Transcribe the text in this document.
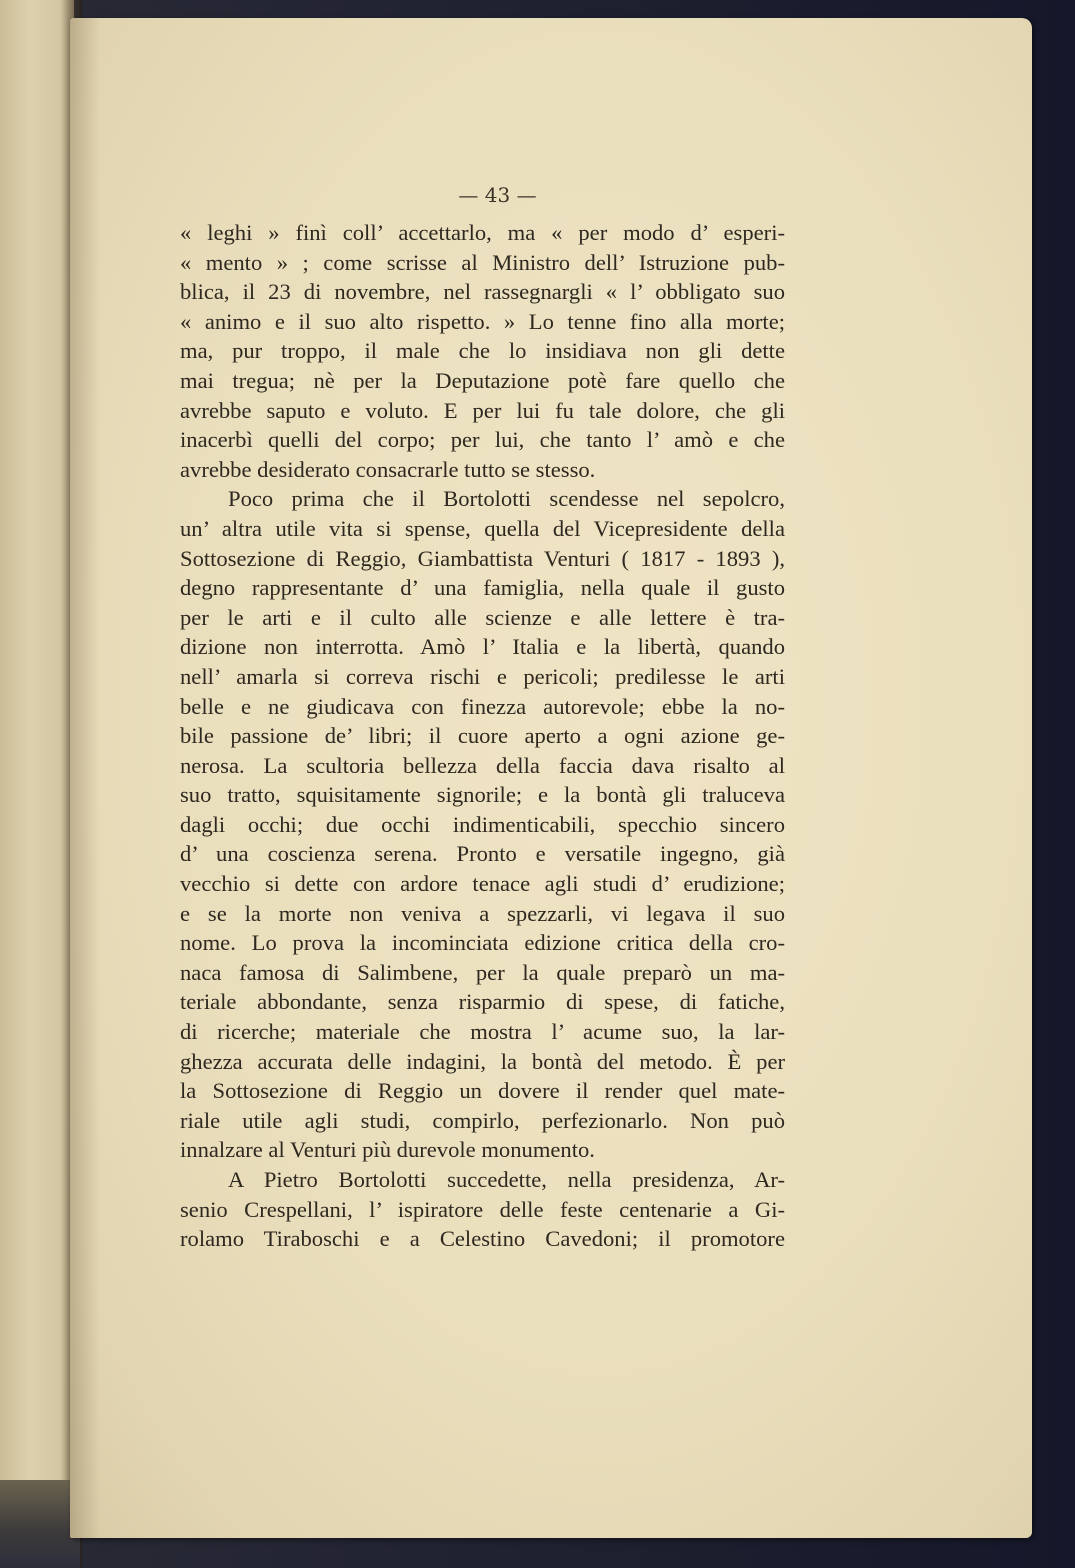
— 43 —
« leghi » finì coll’ accettarlo, ma « per modo d’ esperi-
« mento » ; come scrisse al Ministro dell’ Istruzione pub-
blica, il 23 di novembre, nel rassegnargli « l’ obbligato suo
« animo e il suo alto rispetto. » Lo tenne fino alla morte;
ma, pur troppo, il male che lo insidiava non gli dette
mai tregua; nè per la Deputazione potè fare quello che
avrebbe saputo e voluto. E per lui fu tale dolore, che gli
inacerbì quelli del corpo; per lui, che tanto l’ amò e che
avrebbe desiderato consacrarle tutto se stesso.
Poco prima che il Bortolotti scendesse nel sepolcro,
un’ altra utile vita si spense, quella del Vicepresidente della
Sottosezione di Reggio, Giambattista Venturi ( 1817 - 1893 ),
degno rappresentante d’ una famiglia, nella quale il gusto
per le arti e il culto alle scienze e alle lettere è tra-
dizione non interrotta. Amò l’ Italia e la libertà, quando
nell’ amarla si correva rischi e pericoli; predilesse le arti
belle e ne giudicava con finezza autorevole; ebbe la no-
bile passione de’ libri; il cuore aperto a ogni azione ge-
nerosa. La scultoria bellezza della faccia dava risalto al
suo tratto, squisitamente signorile; e la bontà gli traluceva
dagli occhi; due occhi indimenticabili, specchio sincero
d’ una coscienza serena. Pronto e versatile ingegno, già
vecchio si dette con ardore tenace agli studi d’ erudizione;
e se la morte non veniva a spezzarli, vi legava il suo
nome. Lo prova la incominciata edizione critica della cro-
naca famosa di Salimbene, per la quale preparò un ma-
teriale abbondante, senza risparmio di spese, di fatiche,
di ricerche; materiale che mostra l’ acume suo, la lar-
ghezza accurata delle indagini, la bontà del metodo. È per
la Sottosezione di Reggio un dovere il render quel mate-
riale utile agli studi, compirlo, perfezionarlo. Non può
innalzare al Venturi più durevole monumento.
A Pietro Bortolotti succedette, nella presidenza, Ar-
senio Crespellani, l’ ispiratore delle feste centenarie a Gi-
rolamo Tiraboschi e a Celestino Cavedoni; il promotore
